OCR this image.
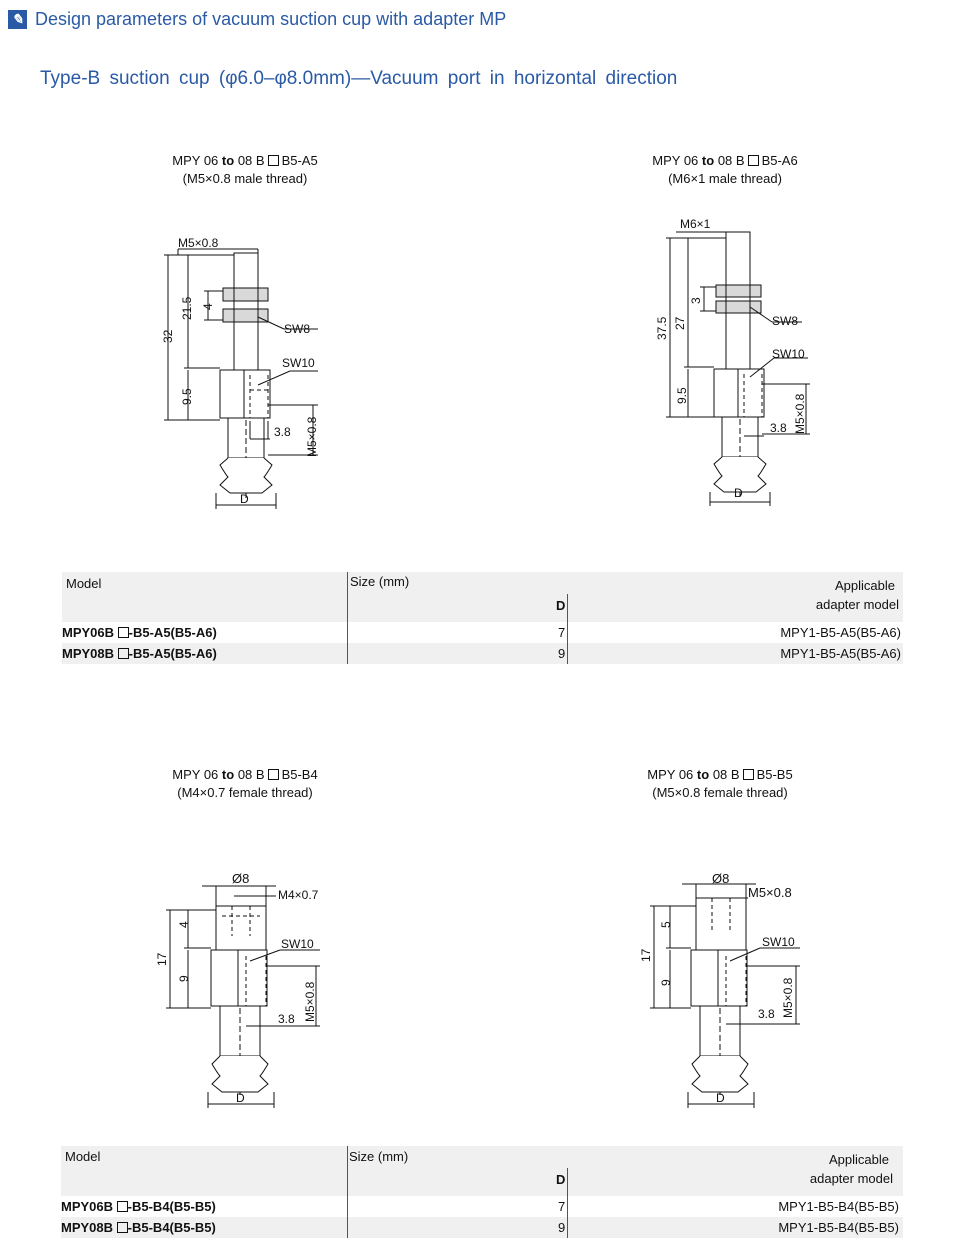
✎ Design parameters of vacuum suction cup with adapter MP
Type-B suction cup (φ6.0–φ8.0mm)—Vacuum port in horizontal direction
MPY 06 to 08 B B5-A5
(M5×0.8 male thread)
MPY 06 to 08 B B5-A6
(M6×1 male thread)
M5×0.8
32
21.5 4
SW8
SW10
9.5
3.8 M5×0.8
D
M6×1
37.5 27
3
SW8
SW10
9.5
3.8 M5×0.8
D
Model	Size (mm)
D
Applicable
adapter model
MPY06B -B5-A5(B5-A6)	7	MPY1-B5-A5(B5-A6)
MPY08B -B5-A5(B5-A6)	9	MPY1-B5-A5(B5-A6)
MPY 06 to 08 B B5-B4
(M4×0.7 female thread)
MPY 06 to 08 B B5-B5
(M5×0.8 female thread)
Ø8
M4×0.7
17
4
SW10
9
3.8 M5×0.8
D
Ø8
M5×0.8
17
5
SW10
9
3.8 M5×0.8
D
Model	Size (mm)
D
Applicable
adapter model
MPY06B -B5-B4(B5-B5)	7	MPY1-B5-B4(B5-B5)
MPY08B -B5-B4(B5-B5)	9	MPY1-B5-B4(B5-B5)
